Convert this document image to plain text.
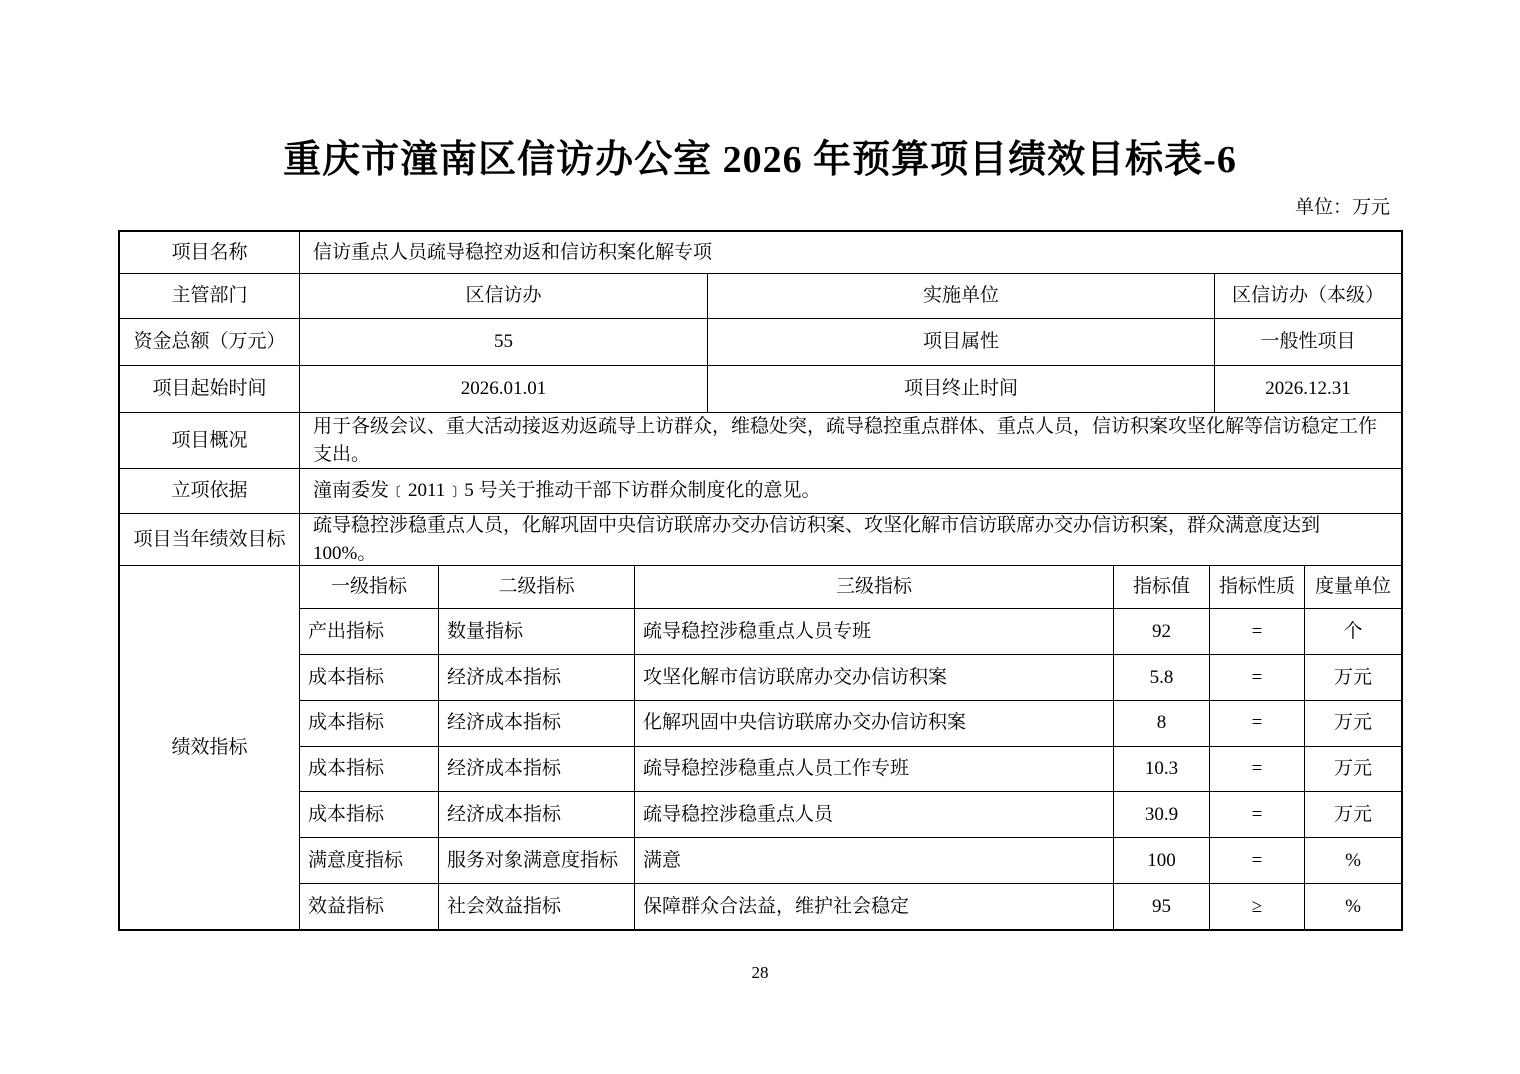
重庆市潼南区信访办公室 2026 年预算项目绩效目标表-6
单位：万元
项目名称	信访重点人员疏导稳控劝返和信访积案化解专项
主管部门	区信访办	实施单位	区信访办（本级）
资金总额（万元）	55	项目属性	一般性项目
项目起始时间	2026.01.01	项目终止时间	2026.12.31
项目概况
用于各级会议、重大活动接返劝返疏导上访群众，维稳处突，疏导稳控重点群体、重点人员，信访积案攻坚化解等信访稳定工作支出。
立项依据	潼南委发﹝2011﹞5 号关于推动干部下访群众制度化的意见。
项目当年绩效目标
疏导稳控涉稳重点人员，化解巩固中央信访联席办交办信访积案、攻坚化解市信访联席办交办信访积案，群众满意度达到 100%。
绩效指标
一级指标	二级指标	三级指标	指标值	指标性质	度量单位
产出指标	数量指标	疏导稳控涉稳重点人员专班	92	=	个
成本指标	经济成本指标	攻坚化解市信访联席办交办信访积案	5.8	=	万元
成本指标	经济成本指标	化解巩固中央信访联席办交办信访积案	8	=	万元
成本指标	经济成本指标	疏导稳控涉稳重点人员工作专班	10.3	=	万元
成本指标	经济成本指标	疏导稳控涉稳重点人员	30.9	=	万元
满意度指标	服务对象满意度指标	满意	100	=	%
效益指标	社会效益指标	保障群众合法益，维护社会稳定	95	≥	%
28
